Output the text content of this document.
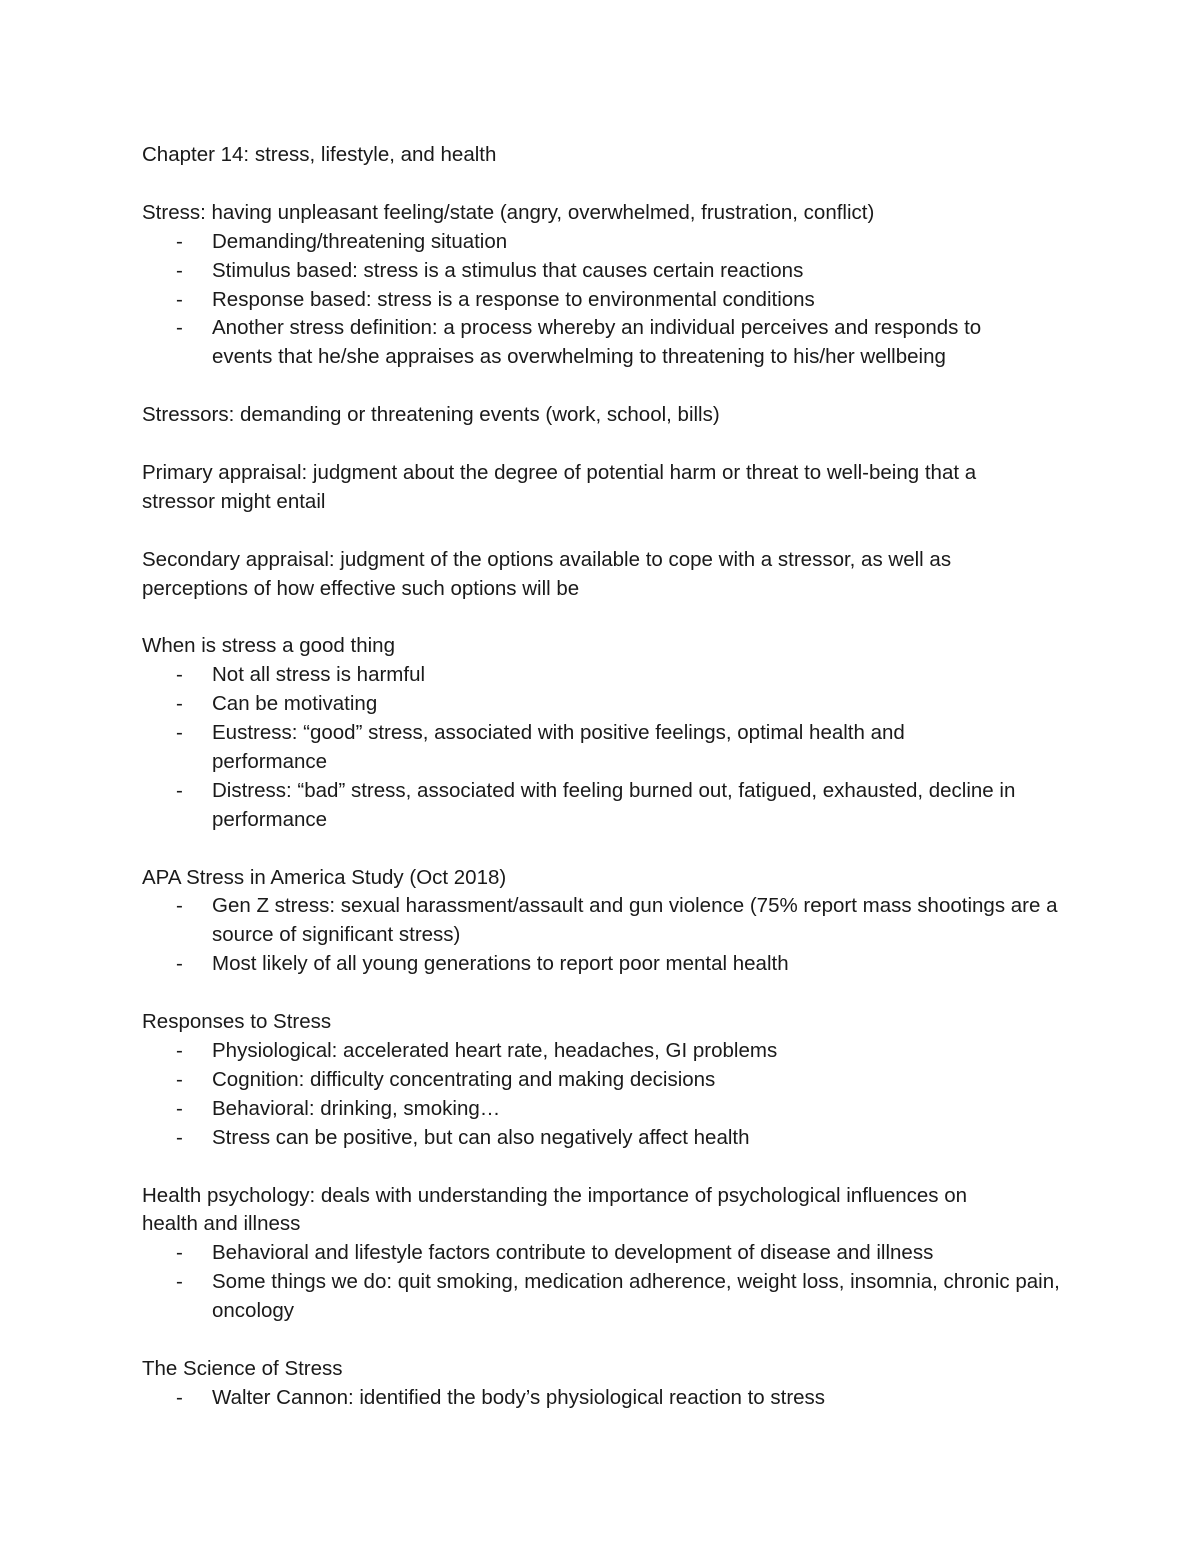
Chapter 14: stress, lifestyle, and health

Stress: having unpleasant feeling/state (angry, overwhelmed, frustration, conflict)

- Demanding/threatening situation
- Stimulus based: stress is a stimulus that causes certain reactions
- Response based: stress is a response to environmental conditions
- Another stress definition: a process whereby an individual perceives and responds to events that he/she appraises as overwhelming to threatening to his/her wellbeing

Stressors: demanding or threatening events (work, school, bills)

Primary appraisal: judgment about the degree of potential harm or threat to well-being that a stressor might entail

Secondary appraisal: judgment of the options available to cope with a stressor, as well as perceptions of how effective such options will be

When is stress a good thing

- Not all stress is harmful
- Can be motivating
- Eustress: “good” stress, associated with positive feelings, optimal health and performance
- Distress: “bad” stress, associated with feeling burned out, fatigued, exhausted, decline in performance

APA Stress in America Study (Oct 2018)

- Gen Z stress: sexual harassment/assault and gun violence (75% report mass shootings are a source of significant stress)
- Most likely of all young generations to report poor mental health

Responses to Stress

- Physiological: accelerated heart rate, headaches, GI problems
- Cognition: difficulty concentrating and making decisions
- Behavioral: drinking, smoking…
- Stress can be positive, but can also negatively affect health

Health psychology: deals with understanding the importance of psychological influences on health and illness

- Behavioral and lifestyle factors contribute to development of disease and illness
- Some things we do: quit smoking, medication adherence, weight loss, insomnia, chronic pain, oncology

The Science of Stress

- Walter Cannon: identified the body’s physiological reaction to stress
